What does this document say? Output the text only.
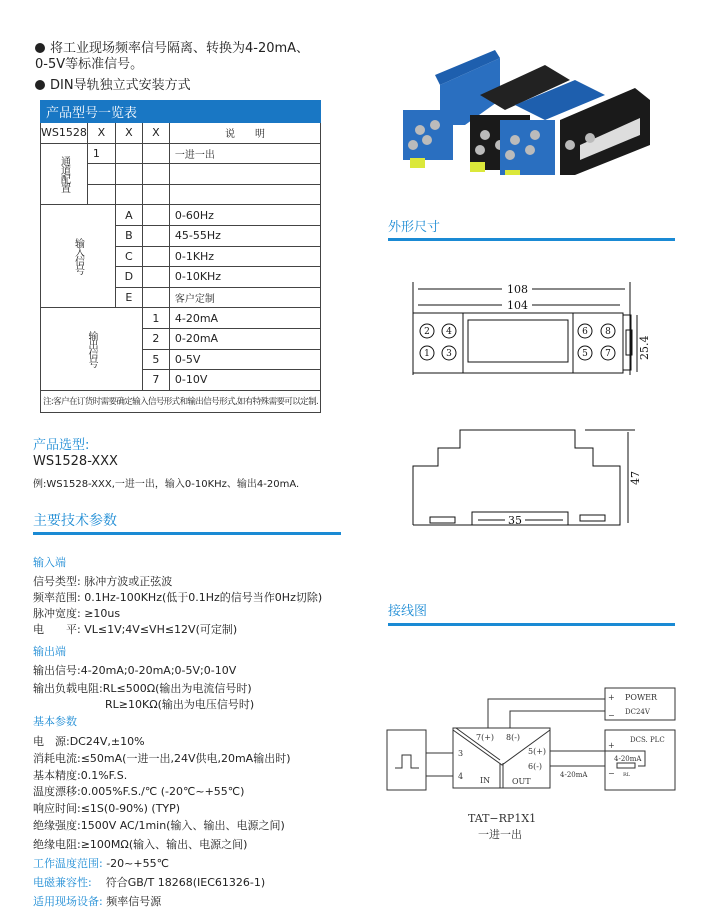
将工业现场频率信号隔离、转换为4-20mA、
0-5V等标准信号。
DIN导轨独立式安装方式
产品型号一览表				
WS1528	X	X	X	说　　明
通道配置	1			一进一出

输入信号		A		0-60Hz
		B		45-55Hz
		C		0-1KHz
		D		0-10KHz
		E		客户定制
输出信号			1	4-20mA
			2	0-20mA
			5	0-5V
			7	0-10V
注:客户在订货时需要确定输入信号形式和输出信号形式,如有特殊需要可以定制.				
产品选型:
WS1528-XXX
例:WS1528-XXX,一进一出，输入0-10KHz、输出4-20mA.
主要技术参数
输入端
信号类型: 脉冲方波或正弦波
频率范围: 0.1Hz-100KHz(低于0.1Hz的信号当作0Hz切除)
脉冲宽度: ≥10us
电　　平: VL≤1V;4V≤VH≤12V(可定制)
输出端
输出信号:4-20mA;0-20mA;0-5V;0-10V
输出负载电阻:RL≤500Ω(输出为电流信号时)
RL≥10KΩ(输出为电压信号时)
基本参数
电　源:DC24V,±10%
消耗电流:≤50mA(一进一出,24V供电,20mA输出时)
基本精度:0.1%F.S.
温度漂移:0.005%F.S./℃ (-20℃~+55℃)
响应时间:≤1S(0-90%) (TYP)
绝缘强度:1500V AC/1min(输入、输出、电源之间)
绝缘电阻:≥100MΩ(输入、输出、电源之间)
工作温度范围: -20~+55℃
电磁兼容性: 符合GB/T 18268(IEC61326-1)
适用现场设备: 频率信号源
外形尺寸
108
104
2 4
1 3
6 8
5 7 25.4
35
47
接线图
7(+) 8(-)
3
4
5(+)
6(-)
IN	OUT
POWER
DC24V
+
−
DCS. PLC
+
−
4-20mA
RL
4-20mA
TAT−RP1X1
一进一出
